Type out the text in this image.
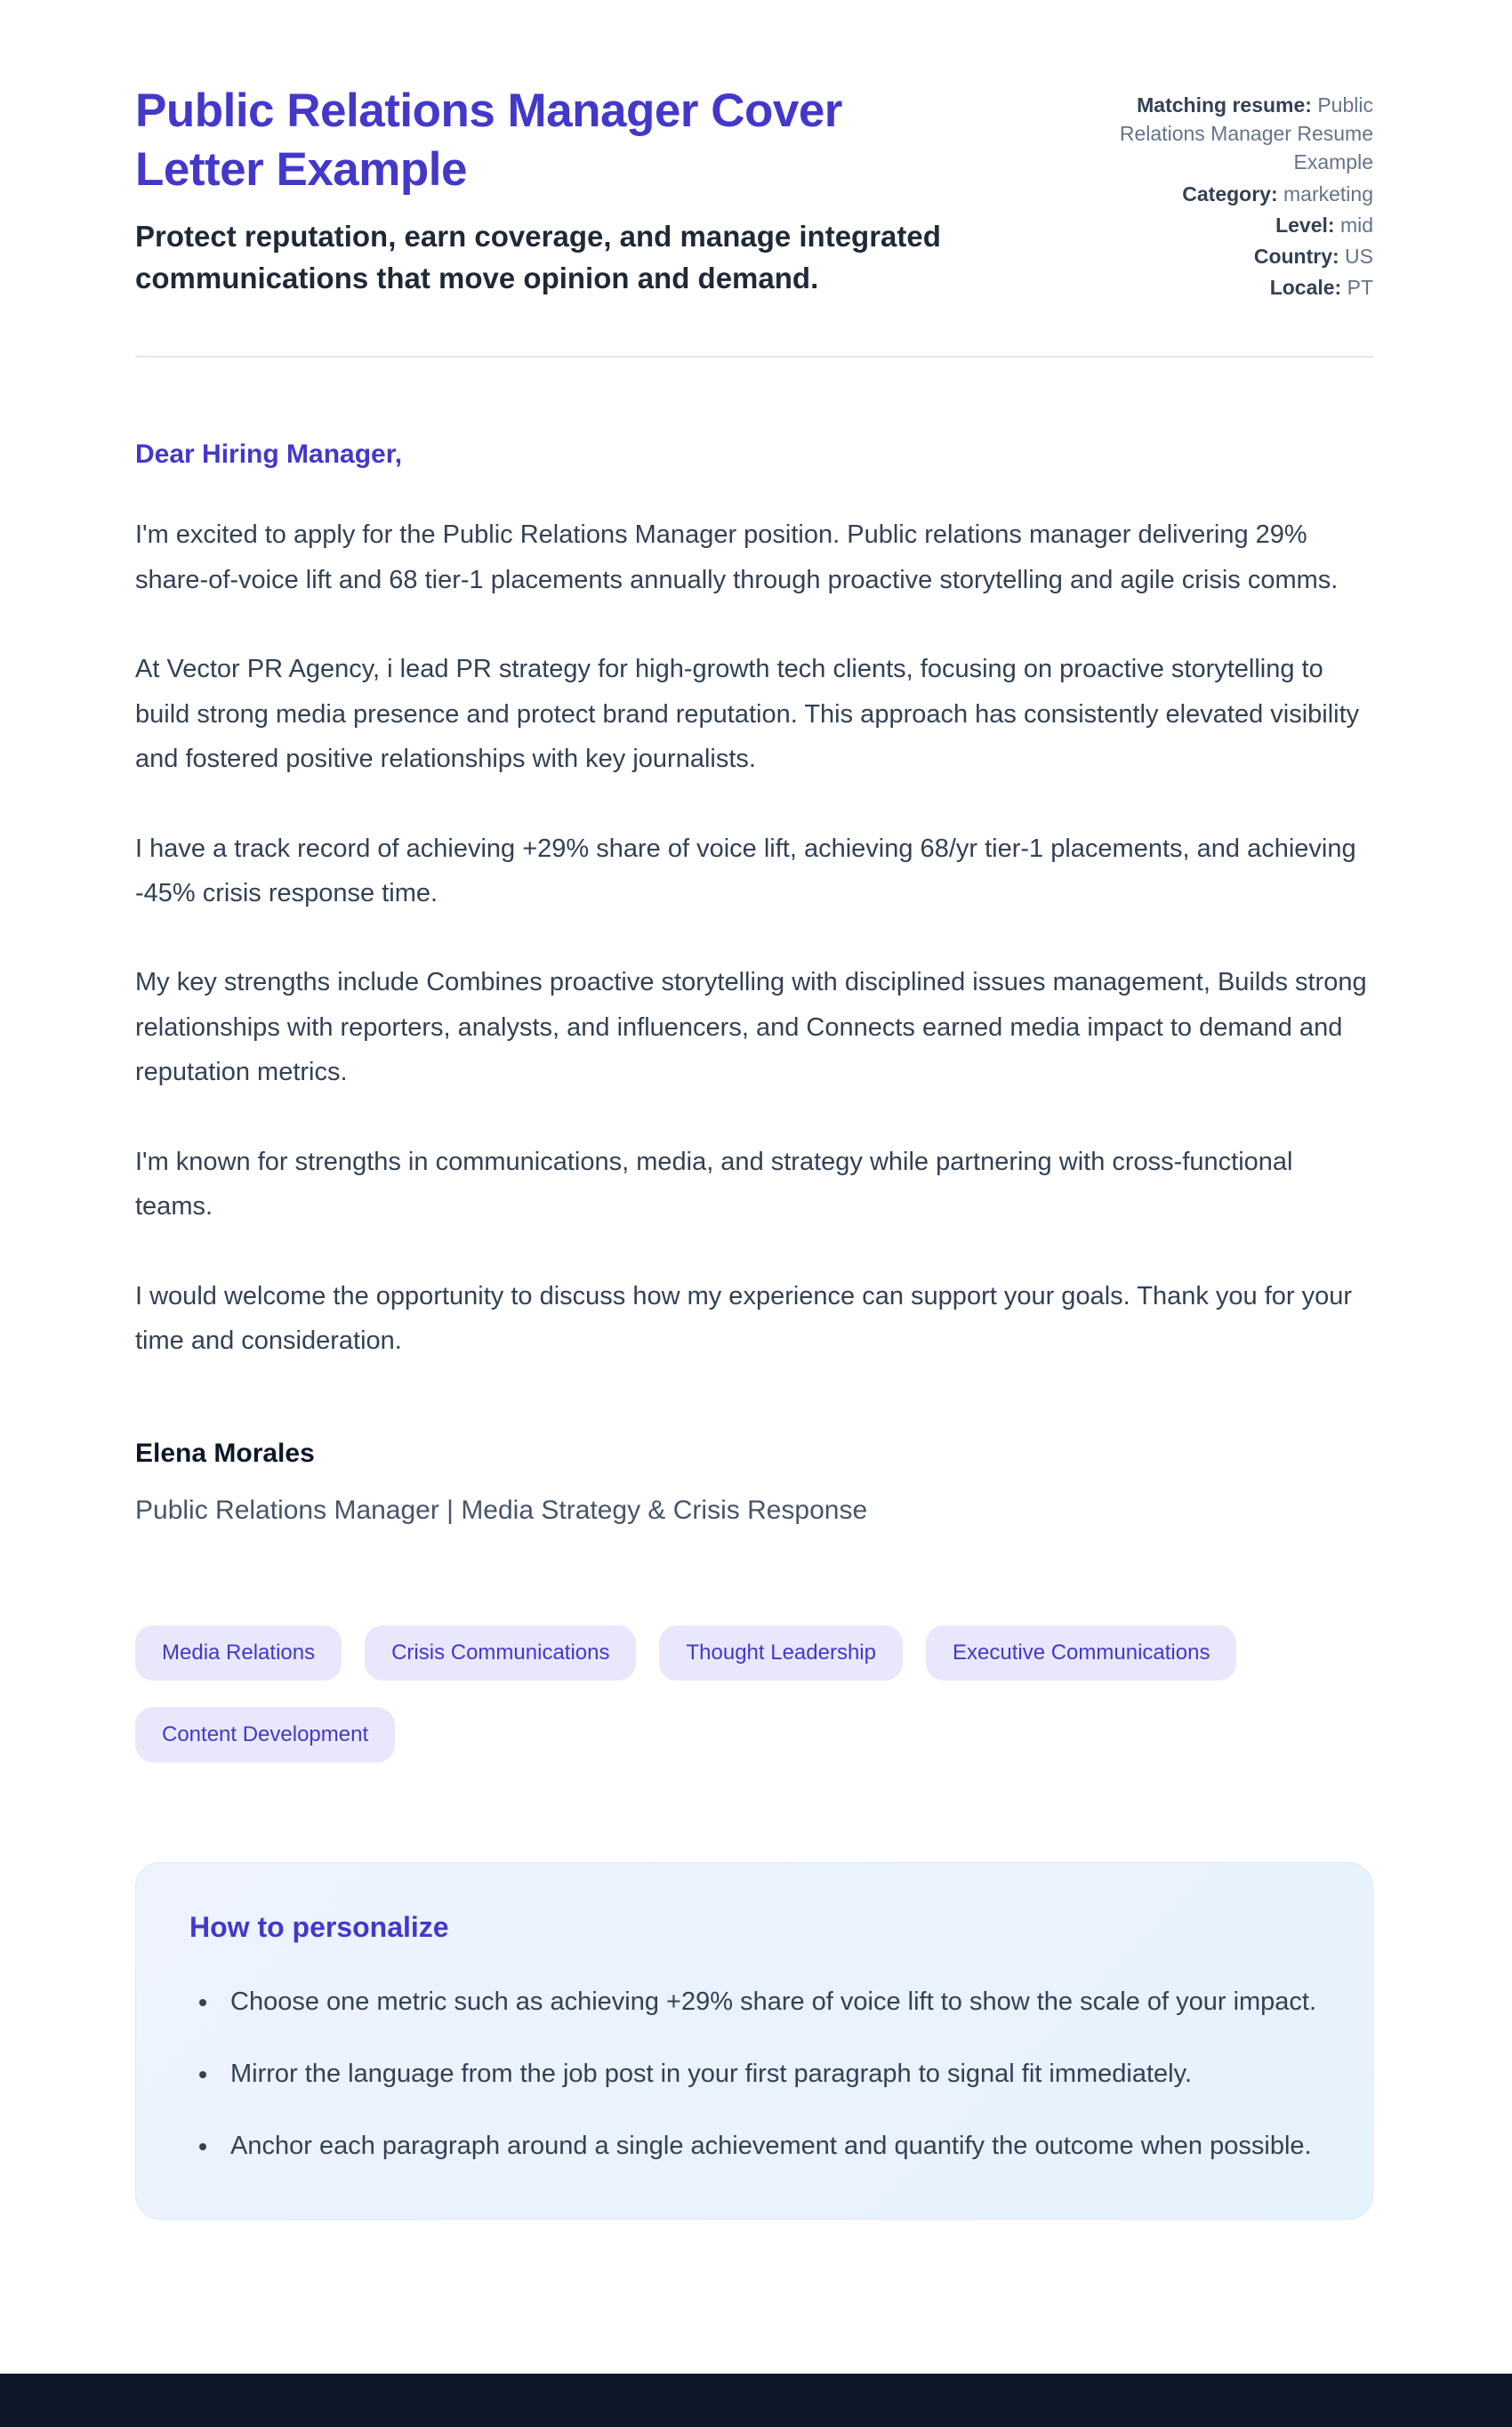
Public Relations Manager Cover Letter Example
Protect reputation, earn coverage, and manage integrated communications that move opinion and demand.
Matching resume: Public Relations Manager Resume Example
Category: marketing
Level: mid
Country: US
Locale: PT
Dear Hiring Manager,

I'm excited to apply for the Public Relations Manager position. Public relations manager delivering 29% share-of-voice lift and 68 tier-1 placements annually through proactive storytelling and agile crisis comms.

At Vector PR Agency, i lead PR strategy for high-growth tech clients, focusing on proactive storytelling to build strong media presence and protect brand reputation. This approach has consistently elevated visibility and fostered positive relationships with key journalists.

I have a track record of achieving +29% share of voice lift, achieving 68/yr tier-1 placements, and achieving -45% crisis response time.

My key strengths include Combines proactive storytelling with disciplined issues management, Builds strong relationships with reporters, analysts, and influencers, and Connects earned media impact to demand and reputation metrics.

I'm known for strengths in communications, media, and strategy while partnering with cross-functional teams.

I would welcome the opportunity to discuss how my experience can support your goals. Thank you for your time and consideration.

Elena Morales
Public Relations Manager | Media Strategy & Crisis Response
Media Relations	Crisis Communications	Thought Leadership	Executive Communications
Content Development
How to personalize
• Choose one metric such as achieving +29% share of voice lift to show the scale of your impact.
• Mirror the language from the job post in your first paragraph to signal fit immediately.
• Anchor each paragraph around a single achievement and quantify the outcome when possible.
